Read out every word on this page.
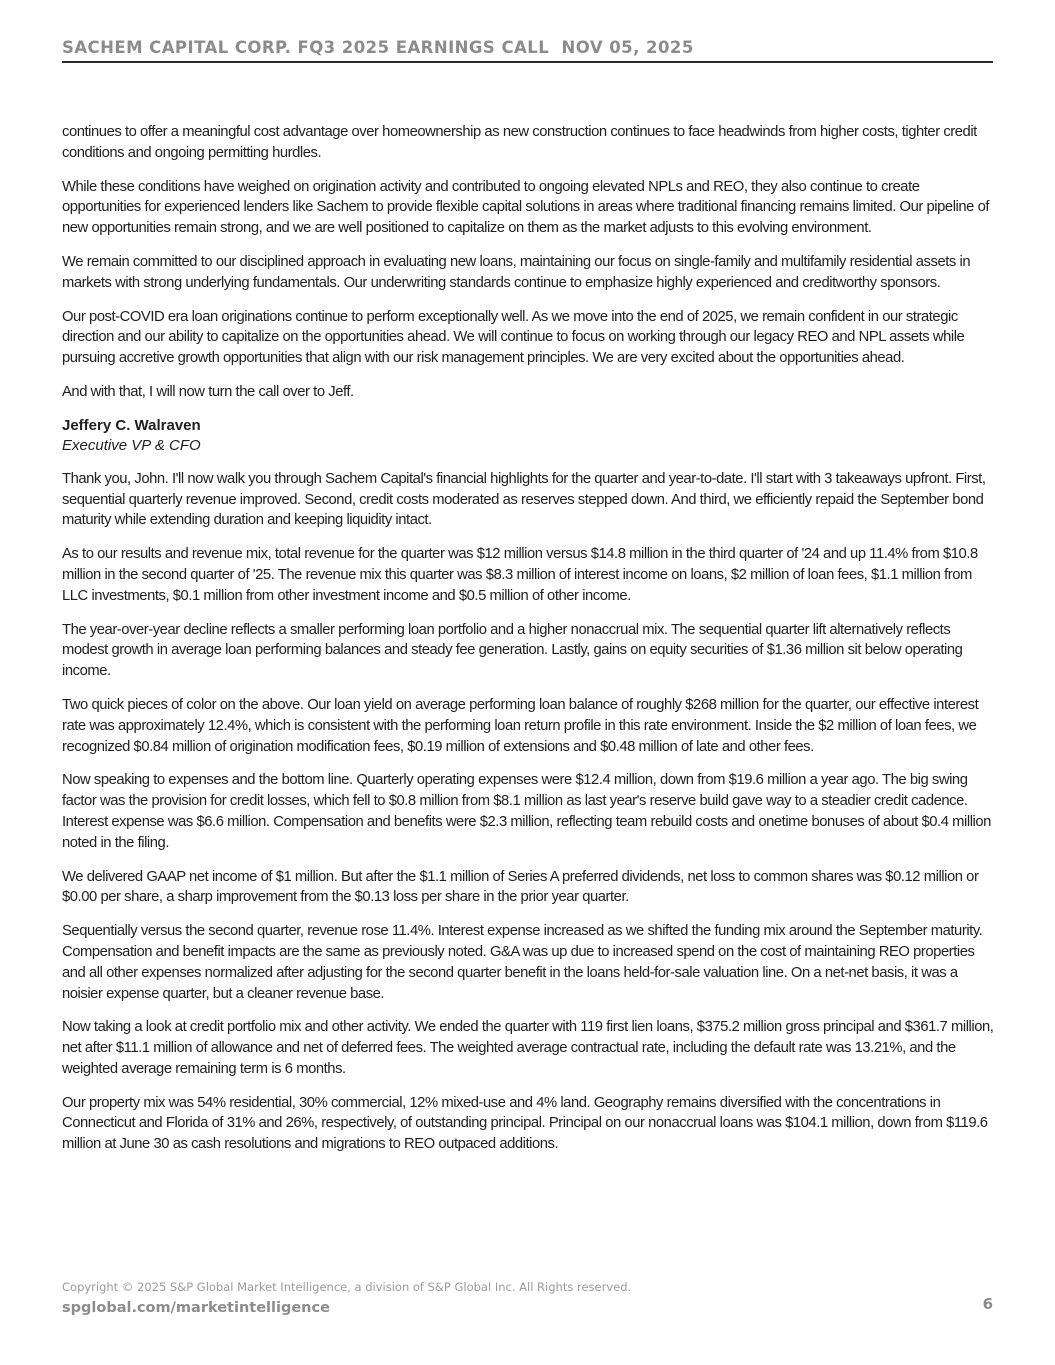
SACHEM CAPITAL CORP. FQ3 2025 EARNINGS CALL  NOV 05, 2025

continues to offer a meaningful cost advantage over homeownership as new construction continues to face headwinds from higher costs, tighter credit conditions and ongoing permitting hurdles.

While these conditions have weighed on origination activity and contributed to ongoing elevated NPLs and REO, they also continue to create opportunities for experienced lenders like Sachem to provide flexible capital solutions in areas where traditional financing remains limited. Our pipeline of new opportunities remain strong, and we are well positioned to capitalize on them as the market adjusts to this evolving environment.

We remain committed to our disciplined approach in evaluating new loans, maintaining our focus on single-family and multifamily residential assets in markets with strong underlying fundamentals. Our underwriting standards continue to emphasize highly experienced and creditworthy sponsors.

Our post-COVID era loan originations continue to perform exceptionally well. As we move into the end of 2025, we remain confident in our strategic direction and our ability to capitalize on the opportunities ahead. We will continue to focus on working through our legacy REO and NPL assets while pursuing accretive growth opportunities that align with our risk management principles. We are very excited about the opportunities ahead.

And with that, I will now turn the call over to Jeff.

Jeffery C. Walraven
Executive VP & CFO

Thank you, John. I'll now walk you through Sachem Capital's financial highlights for the quarter and year-to-date. I'll start with 3 takeaways upfront. First, sequential quarterly revenue improved. Second, credit costs moderated as reserves stepped down. And third, we efficiently repaid the September bond maturity while extending duration and keeping liquidity intact.

As to our results and revenue mix, total revenue for the quarter was $12 million versus $14.8 million in the third quarter of '24 and up 11.4% from $10.8 million in the second quarter of '25. The revenue mix this quarter was $8.3 million of interest income on loans, $2 million of loan fees, $1.1 million from LLC investments, $0.1 million from other investment income and $0.5 million of other income.

The year-over-year decline reflects a smaller performing loan portfolio and a higher nonaccrual mix. The sequential quarter lift alternatively reflects modest growth in average loan performing balances and steady fee generation. Lastly, gains on equity securities of $1.36 million sit below operating income.

Two quick pieces of color on the above. Our loan yield on average performing loan balance of roughly $268 million for the quarter, our effective interest rate was approximately 12.4%, which is consistent with the performing loan return profile in this rate environment. Inside the $2 million of loan fees, we recognized $0.84 million of origination modification fees, $0.19 million of extensions and $0.48 million of late and other fees.

Now speaking to expenses and the bottom line. Quarterly operating expenses were $12.4 million, down from $19.6 million a year ago. The big swing factor was the provision for credit losses, which fell to $0.8 million from $8.1 million as last year's reserve build gave way to a steadier credit cadence. Interest expense was $6.6 million. Compensation and benefits were $2.3 million, reflecting team rebuild costs and onetime bonuses of about $0.4 million noted in the filing.

We delivered GAAP net income of $1 million. But after the $1.1 million of Series A preferred dividends, net loss to common shares was $0.12 million or $0.00 per share, a sharp improvement from the $0.13 loss per share in the prior year quarter.

Sequentially versus the second quarter, revenue rose 11.4%. Interest expense increased as we shifted the funding mix around the September maturity. Compensation and benefit impacts are the same as previously noted. G&A was up due to increased spend on the cost of maintaining REO properties and all other expenses normalized after adjusting for the second quarter benefit in the loans held-for-sale valuation line. On a net-net basis, it was a noisier expense quarter, but a cleaner revenue base.

Now taking a look at credit portfolio mix and other activity. We ended the quarter with 119 first lien loans, $375.2 million gross principal and $361.7 million, net after $11.1 million of allowance and net of deferred fees. The weighted average contractual rate, including the default rate was 13.21%, and the weighted average remaining term is 6 months.

Our property mix was 54% residential, 30% commercial, 12% mixed-use and 4% land. Geography remains diversified with the concentrations in Connecticut and Florida of 31% and 26%, respectively, of outstanding principal. Principal on our nonaccrual loans was $104.1 million, down from $119.6 million at June 30 as cash resolutions and migrations to REO outpaced additions.

Copyright © 2025 S&P Global Market Intelligence, a division of S&P Global Inc. All Rights reserved.
spglobal.com/marketintelligence	6
